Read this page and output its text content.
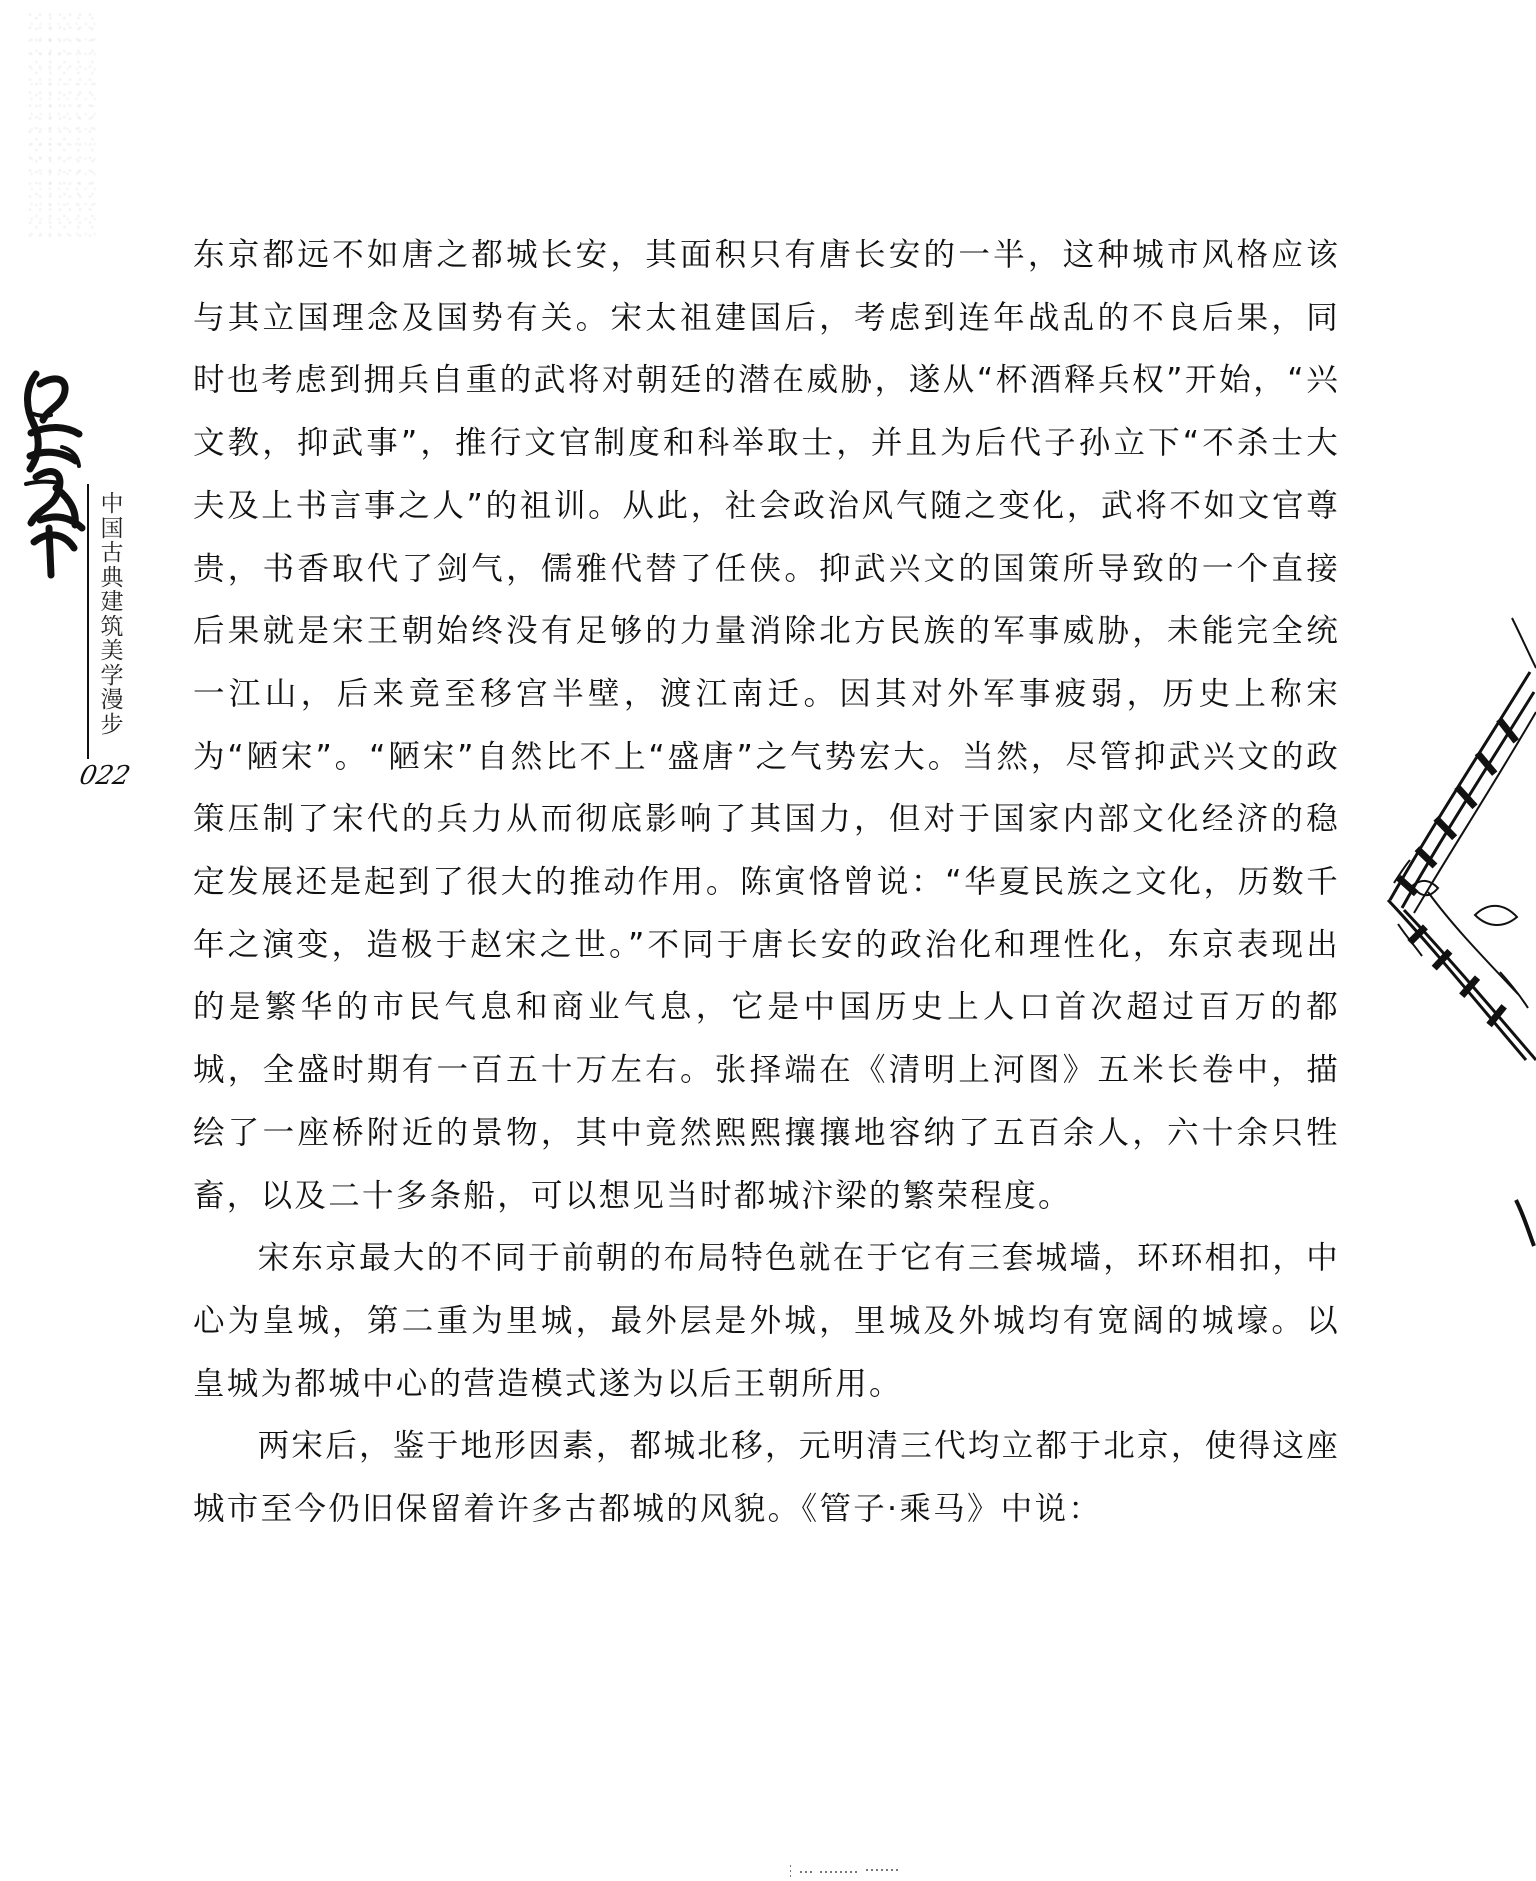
中国古典建筑美学漫步
022

东京都远不如唐之都城长安，其面积只有唐长安的一半，这种城市风格应该与其立国理念及国势有关。宋太祖建国后，考虑到连年战乱的不良后果，同时也考虑到拥兵自重的武将对朝廷的潜在威胁，遂从“杯酒释兵权”开始，“兴文教，抑武事”，推行文官制度和科举取士，并且为后代子孙立下“不杀士大夫及上书言事之人”的祖训。从此，社会政治风气随之变化，武将不如文官尊贵，书香取代了剑气，儒雅代替了任侠。抑武兴文的国策所导致的一个直接后果就是宋王朝始终没有足够的力量消除北方民族的军事威胁，未能完全统一江山，后来竟至移宫半壁，渡江南迁。因其对外军事疲弱，历史上称宋为“陋宋”。“陋宋”自然比不上“盛唐”之气势宏大。当然，尽管抑武兴文的政策压制了宋代的兵力从而彻底影响了其国力，但对于国家内部文化经济的稳定发展还是起到了很大的推动作用。陈寅恪曾说：“华夏民族之文化，历数千年之演变，造极于赵宋之世。”不同于唐长安的政治化和理性化，东京表现出的是繁华的市民气息和商业气息，它是中国历史上人口首次超过百万的都城，全盛时期有一百五十万左右。张择端在《清明上河图》五米长卷中，描绘了一座桥附近的景物，其中竟然熙熙攘攘地容纳了五百余人，六十余只牲畜，以及二十多条船，可以想见当时都城汴梁的繁荣程度。

宋东京最大的不同于前朝的布局特色就在于它有三套城墙，环环相扣，中心为皇城，第二重为里城，最外层是外城，里城及外城均有宽阔的城壕。以皇城为都城中心的营造模式遂为以后王朝所用。

两宋后，鉴于地形因素，都城北移，元明清三代均立都于北京，使得这座城市至今仍旧保留着许多古都城的风貌。《管子·乘马》中说：
